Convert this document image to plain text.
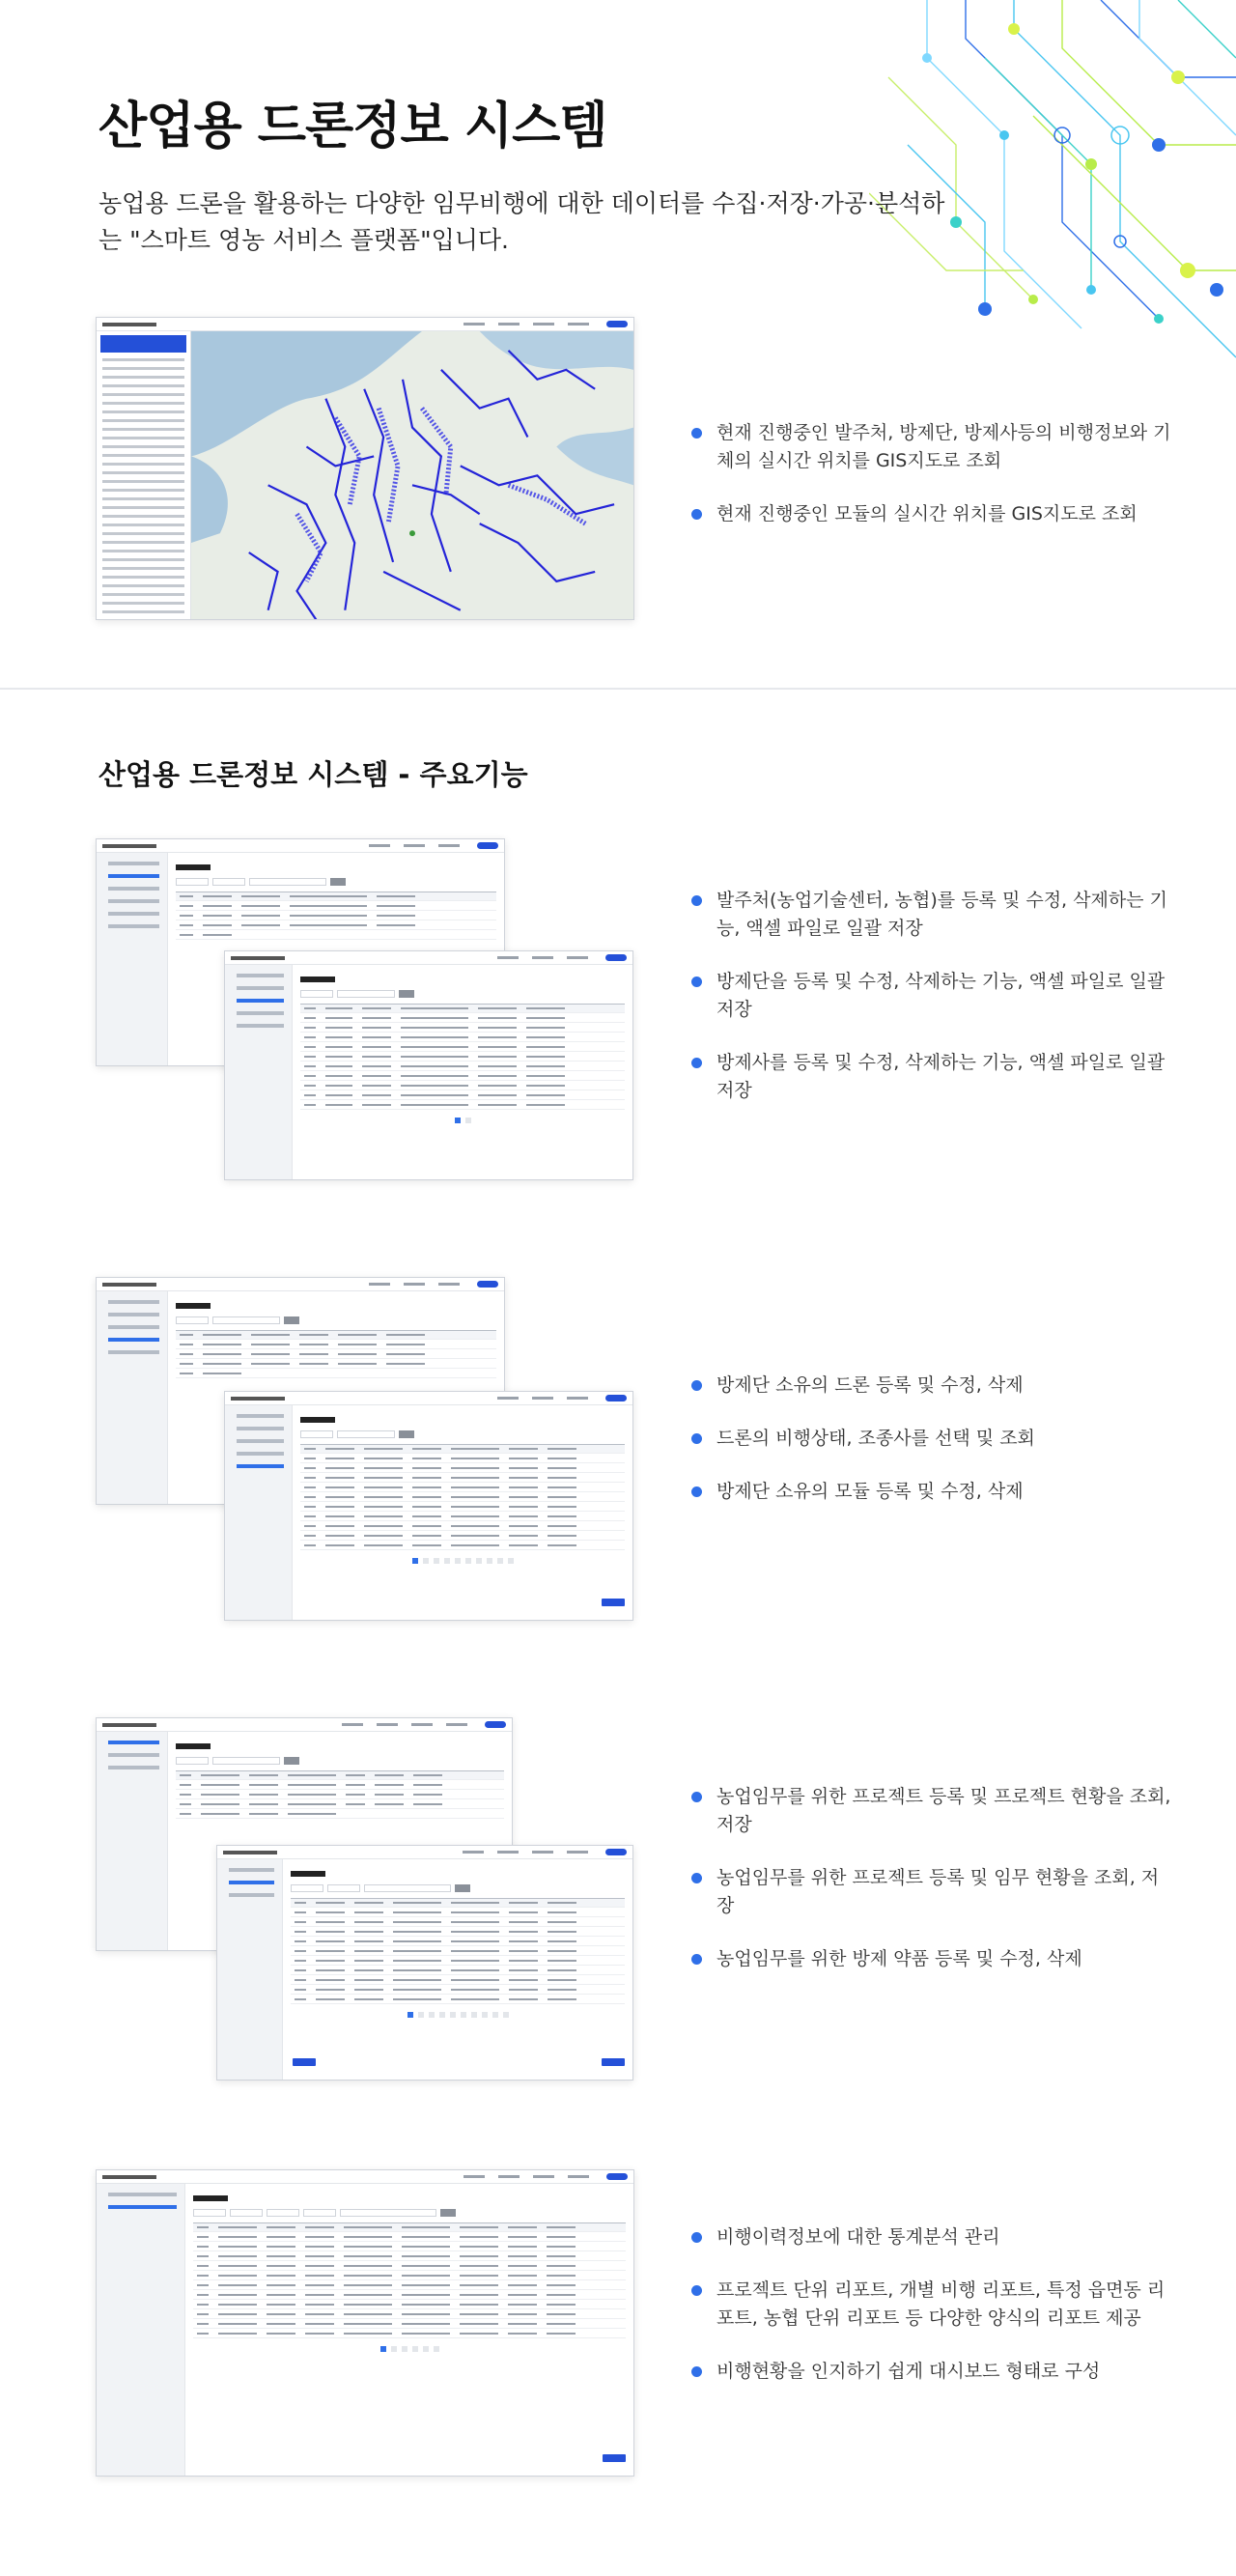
산업용 드론정보 시스템

농업용 드론을 활용하는 다양한 임무비행에 대한 데이터를 수집·저장·가공·분석하는 "스마트 영농 서비스 플랫폼"입니다.

현재 진행중인 발주처, 방제단, 방제사등의 비행정보와 기체의 실시간 위치를 GIS지도로 조회
현재 진행중인 모듈의 실시간 위치를 GIS지도로 조회
산업용 드론정보 시스템 - 주요기능
발주처(농업기술센터, 농협)를 등록 및 수정, 삭제하는 기능, 액셀 파일로 일괄 저장
방제단을 등록 및 수정, 삭제하는 기능, 액셀 파일로 일괄 저장
방제사를 등록 및 수정, 삭제하는 기능, 액셀 파일로 일괄 저장
방제단 소유의 드론 등록 및 수정, 삭제
드론의 비행상태, 조종사를 선택 및 조회
방제단 소유의 모듈 등록 및 수정, 삭제
농업임무를 위한 프로젝트 등록 및 프로젝트 현황을 조회, 저장
농업임무를 위한 프로젝트 등록 및 임무 현황을 조회, 저장
농업임무를 위한 방제 약품 등록 및 수정, 삭제
비행이력정보에 대한 통계분석 관리
프로젝트 단위 리포트, 개별 비행 리포트, 특정 읍면동 리포트, 농협 단위 리포트 등 다양한 양식의 리포트 제공
비행현황을 인지하기 쉽게 대시보드 형태로 구성
